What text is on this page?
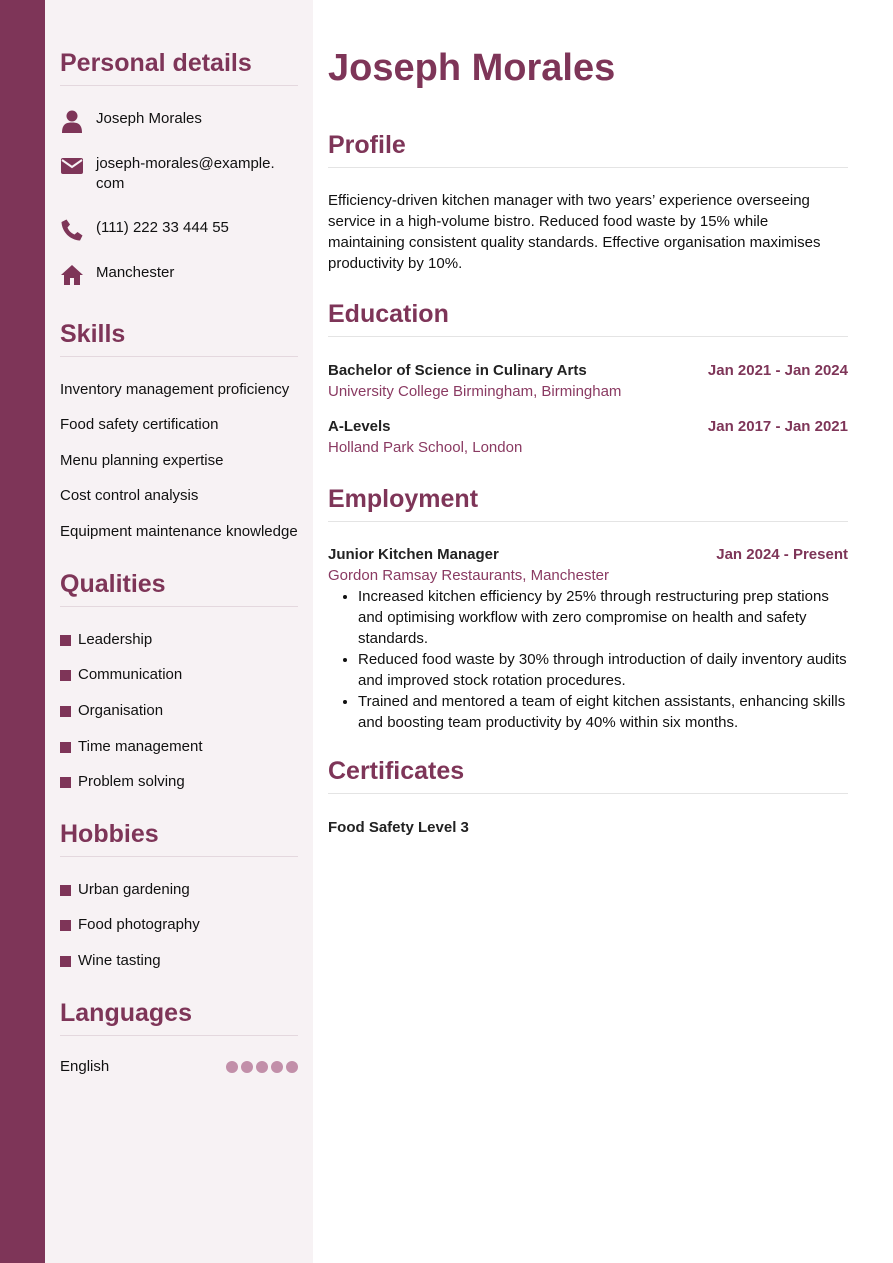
Personal details
Joseph Morales
joseph-morales@example.com
(111) 222 33 444 55
Manchester
Skills
Inventory management proficiency
Food safety certification
Menu planning expertise
Cost control analysis
Equipment maintenance knowledge
Qualities
Leadership
Communication
Organisation
Time management
Problem solving
Hobbies
Urban gardening
Food photography
Wine tasting
Languages
English
Joseph Morales
Profile

Efficiency-driven kitchen manager with two years’ experience overseeing service in a high-volume bistro. Reduced food waste by 15% while maintaining consistent quality standards. Effective organisation maximises productivity by 10%.

Education
Bachelor of Science in Culinary Arts	Jan 2021 - Jan 2024
University College Birmingham, Birmingham
A-Levels	Jan 2017 - Jan 2021
Holland Park School, London
Employment
Junior Kitchen Manager	Jan 2024 - Present
Gordon Ramsay Restaurants, Manchester
• Increased kitchen efficiency by 25% through restructuring prep stations and optimising workflow with zero compromise on health and safety standards.
• Reduced food waste by 30% through introduction of daily inventory audits and improved stock rotation procedures.
• Trained and mentored a team of eight kitchen assistants, enhancing skills and boosting team productivity by 40% within six months.
Certificates
Food Safety Level 3
